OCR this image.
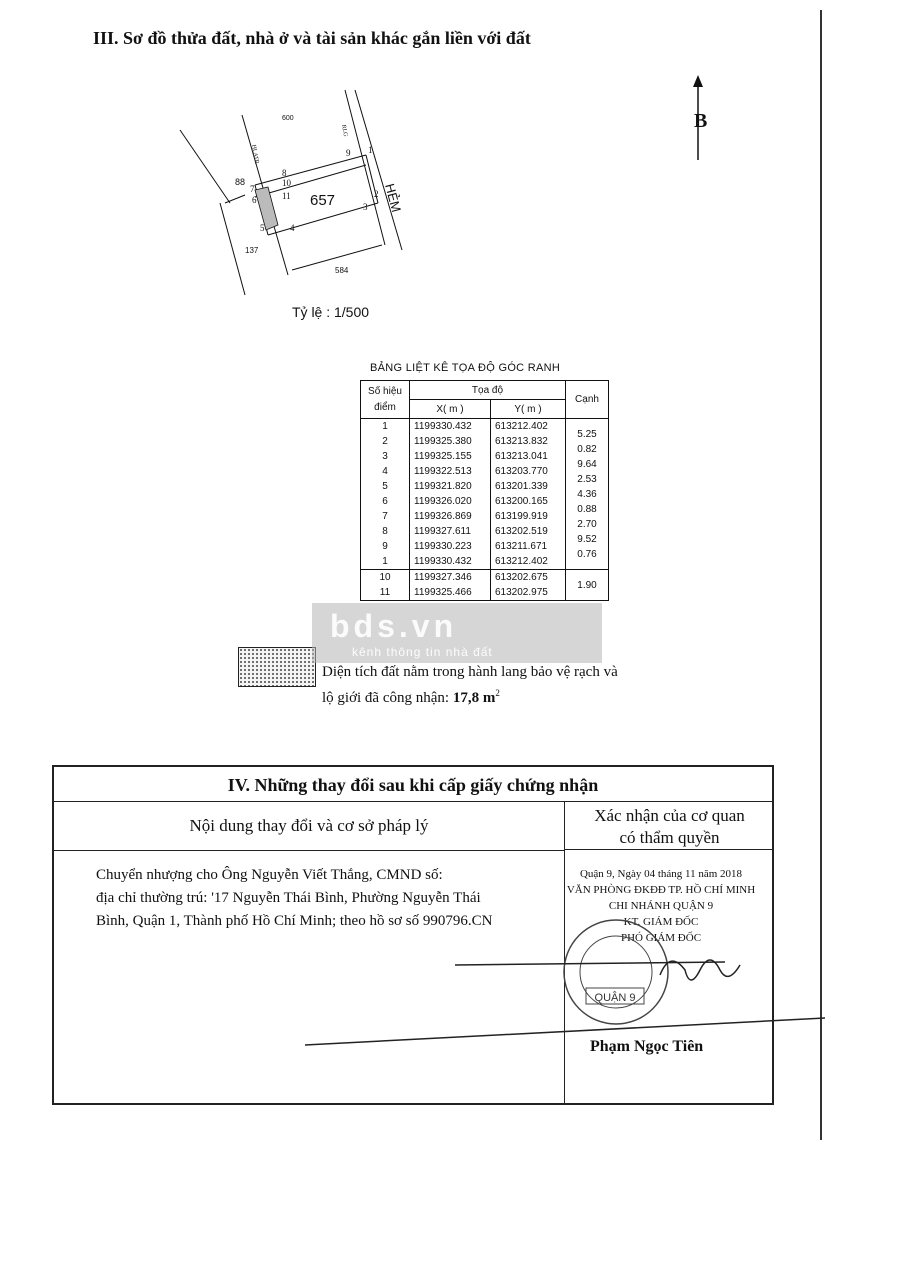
III. Sơ đồ thửa đất, nhà ở và tài sản khác gắn liền với đất
B
657	HẺM
600
88
137
584
1
2
3
4
5
6
7
8
9
10
11
HLATR
RLG
Tỷ lệ : 1/500
BẢNG LIỆT KÊ TỌA ĐỘ GÓC RANH
Số hiệu điểm	Tọa độ		Cạnh
	X( m )	Y( m )	
1	1199330.432	613212.402	5.25
2	1199325.380	613213.832	0.82
3	1199325.155	613213.041	9.64
4	1199322.513	613203.770	2.53
5	1199321.820	613201.339	4.36
6	1199326.020	613200.165	0.88
7	1199326.869	613199.919	2.70
8	1199327.611	613202.519	9.52
9	1199330.223	613211.671	0.76
1	1199330.432	613212.402	
10	1199327.346	613202.675	1.90
11	1199325.466	613202.975	
Diện tích đất nằm trong hành lang bảo vệ rạch và
lộ giới đã công nhận: 17,8 $m^2$
bds.vn
kênh thông tin nhà đất
IV. Những thay đổi sau khi cấp giấy chứng nhận
Nội dung thay đổi và cơ sở pháp lý
Xác nhận của cơ quan
có thẩm quyền
Chuyển nhượng cho Ông Nguyễn Viết Thắng, CMND số:
địa chỉ thường trú: '17 Nguyễn Thái Bình, Phường Nguyễn Thái
Bình, Quận 1, Thành phố Hồ Chí Minh; theo hồ sơ số 990796.CN
Quận 9, Ngày 04 tháng 11 năm 2018
VĂN PHÒNG ĐKĐĐ TP. HỒ CHÍ MINH
CHI NHÁNH QUẬN 9
KT. GIÁM ĐỐC
PHÓ GIÁM ĐỐC
QUẬN 9
Phạm Ngọc Tiên
